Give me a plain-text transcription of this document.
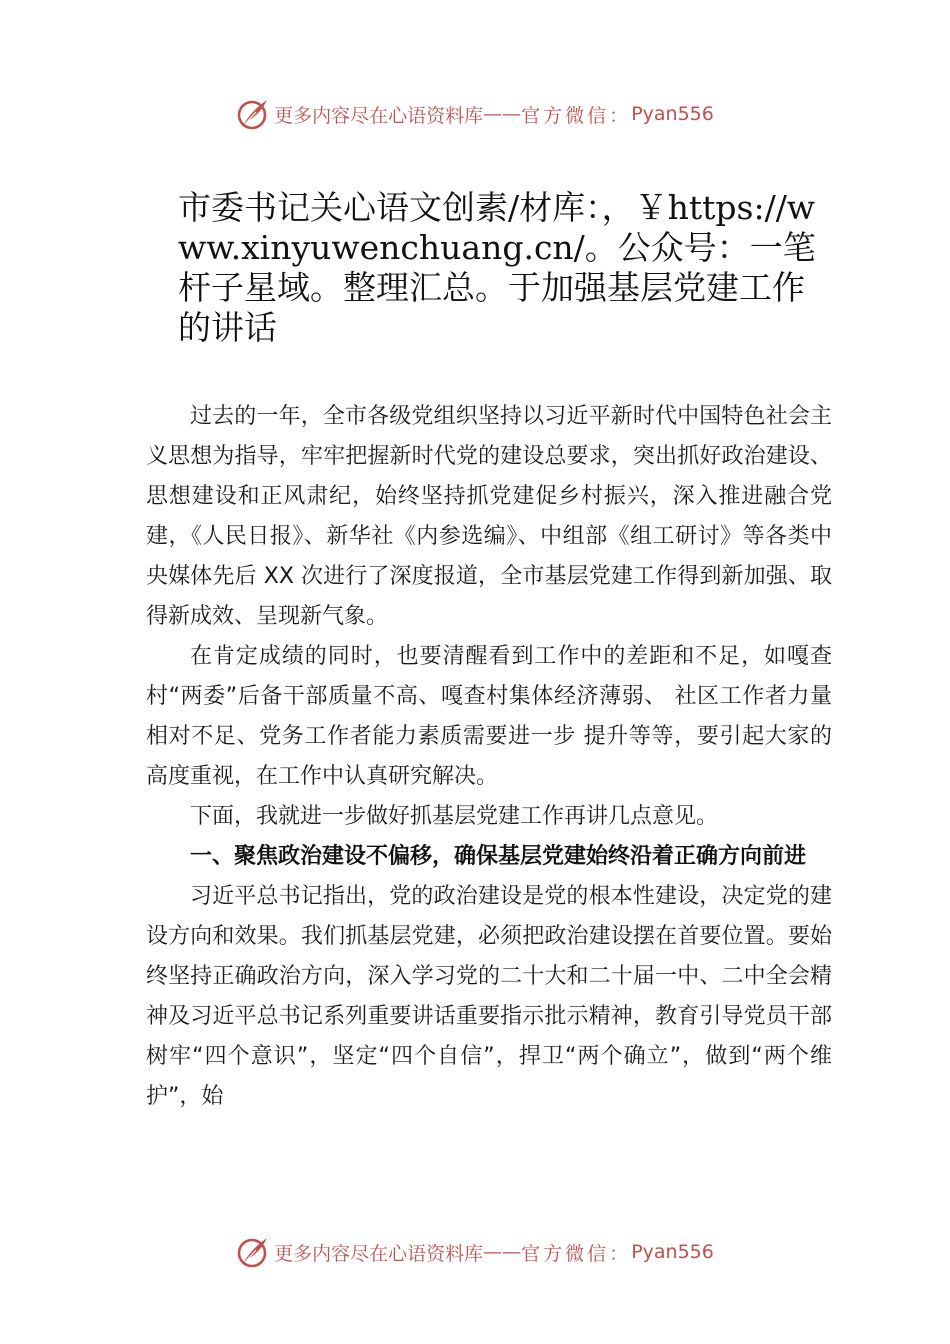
更多内容尽在心语资料库 —— 官方微信： Pyan556
市委书记关心语文创素/材库：，￥https://www.xinyuwenchuang.cn/。公众号：一笔杆子星域。整理汇总。于加强基层党建工作的讲话

过去的一年，全市各级党组织坚持以习近平新时代中国特色社会主义思想为指导，牢牢把握新时代党的建设总要求，突出抓好政治建设、思想建设和正风肃纪，始终坚持抓党建促乡村振兴，深入推进融合党建，《人民日报》、新华社《内参选编》、中组部《组工研讨》等各类中央媒体先后 XX 次进行了深度报道，全市基层党建工作得到新加强、取得新成效、呈现新气象。

在肯定成绩的同时，也要清醒看到工作中的差距和不足，如嘎查村“两委”后备干部质量不高、嘎查村集体经济薄弱、 社区工作者力量相对不足、党务工作者能力素质需要进一步 提升等等，要引起大家的高度重视，在工作中认真研究解决。

下面，我就进一步做好抓基层党建工作再讲几点意见。

一、聚焦政治建设不偏移，确保基层党建始终沿着正确方向前进

习近平总书记指出，党的政治建设是党的根本性建设，决定党的建设方向和效果。我们抓基层党建，必须把政治建设摆在首要位置。要始终坚持正确政治方向，深入学习党的二十大和二十届一中、二中全会精神及习近平总书记系列重要讲话重要指示批示精神，教育引导党员干部树牢“四个意识”，坚定“四个自信”，捍卫“两个确立”，做到“两个维护”，始

更多内容尽在心语资料库 —— 官方微信： Pyan556
